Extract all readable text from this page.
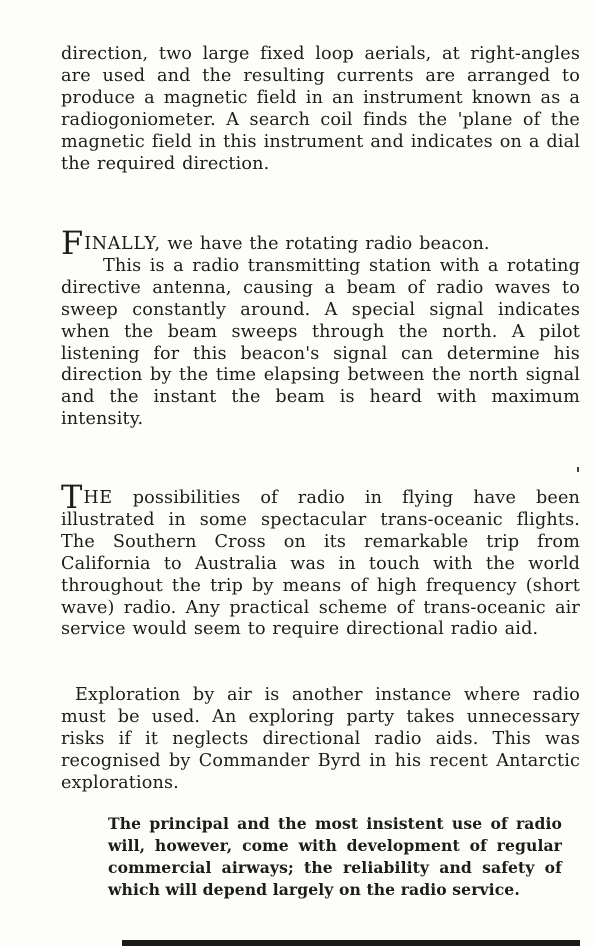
direction, two large fixed loop aerials, at right-angles are used and the resulting currents are arranged to produce a magnetic field in an instrument known as a radiogoniometer. A search coil finds the 'plane of the magnetic field in this instrument and indicates on a dial the required direction.

FINALLY, we have the rotating radio beacon.
This is a radio transmitting station with a rotating directive antenna, causing a beam of radio waves to sweep constantly around. A special signal indicates when the beam sweeps through the north. A pilot listening for this beacon's signal can determine his direction by the time elapsing between the north signal and the instant the beam is heard with maximum intensity.

THE possibilities of radio in flying have been illustrated in some spectacular trans-oceanic flights. The Southern Cross on its remarkable trip from California to Australia was in touch with the world throughout the trip by means of high frequency (short wave) radio. Any practical scheme of trans-oceanic air service would seem to require directional radio aid.

Exploration by air is another instance where radio must be used. An exploring party takes unnecessary risks if it neglects directional radio aids. This was recognised by Commander Byrd in his recent Antarctic explorations.

The principal and the most insistent use of radio will, however, come with development of regular commercial airways; the reliability and safety of which will depend largely on the radio service.
